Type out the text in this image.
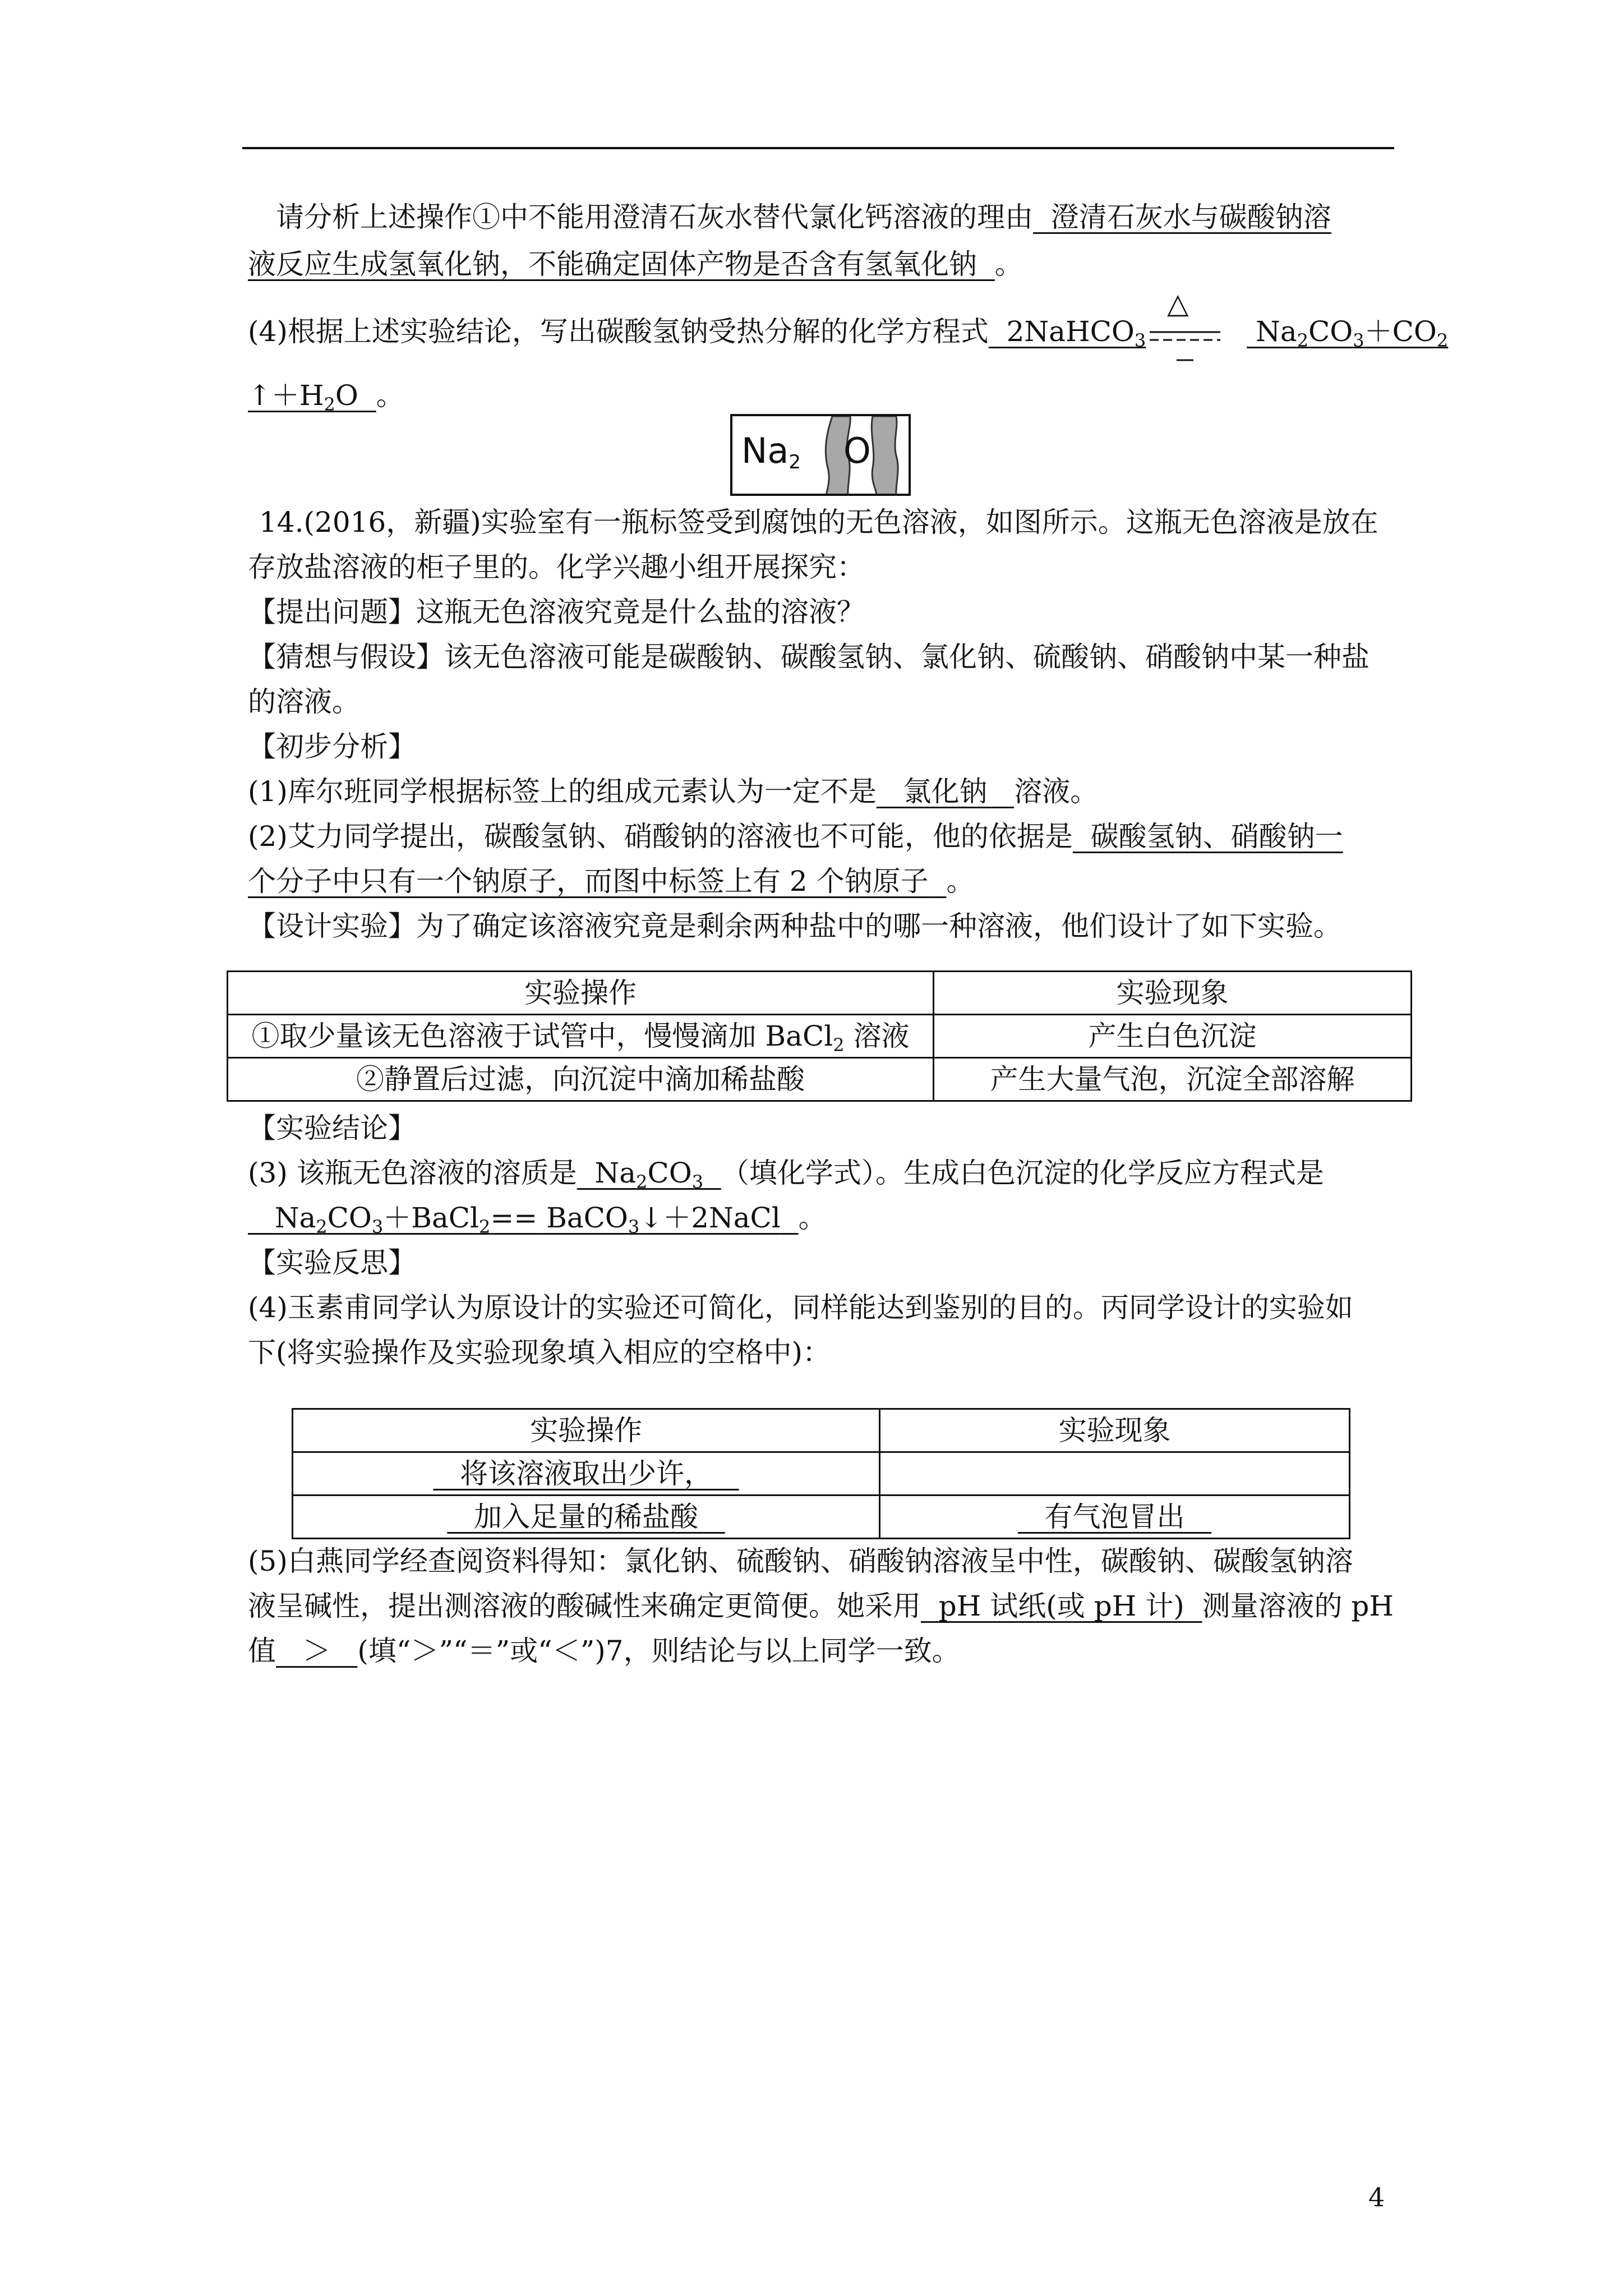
请分析上述操作①中不能用澄清石灰水替代氯化钙溶液的理由 澄清石灰水与碳酸钠溶
液反应生成氢氧化钠，不能确定固体产物是否含有氢氧化钠 。
(4)根据上述实验结论，写出碳酸氢钠受热分解的化学方程式 2NaHCO$_3$	$Na_2CO_3+CO_2$
△
$↑+H_2O$ 。
$Na_2$ O
14.(2016，新疆)实验室有一瓶标签受到腐蚀的无色溶液，如图所示。这瓶无色溶液是放在
存放盐溶液的柜子里的。化学兴趣小组开展探究：
【提出问题】这瓶无色溶液究竟是什么盐的溶液？
【猜想与假设】该无色溶液可能是碳酸钠、碳酸氢钠、氯化钠、硫酸钠、硝酸钠中某一种盐
的溶液。
【初步分析】
(1)库尔班同学根据标签上的组成元素认为一定不是 氯化钠 溶液。
(2)艾力同学提出，碳酸氢钠、硝酸钠的溶液也不可能，他的依据是 碳酸氢钠、硝酸钠一
个分子中只有一个钠原子，而图中标签上有 2 个钠原子 。
【设计实验】为了确定该溶液究竟是剩余两种盐中的哪一种溶液，他们设计了如下实验。
实验操作	实验现象
①取少量该无色溶液于试管中，慢慢滴加 BaCl$_2$ 溶液	产生白色沉淀
②静置后过滤，向沉淀中滴加稀盐酸	产生大量气泡，沉淀全部溶解
【实验结论】
(3) 该瓶无色溶液的溶质是 $Na_2CO_3$ （填化学式）。生成白色沉淀的化学反应方程式是
$Na_2CO_3+BaCl_2==$ BaCO$_3$↓＋2NaCl 。
【实验反思】
(4)玉素甫同学认为原设计的实验还可简化，同样能达到鉴别的目的。丙同学设计的实验如
下(将实验操作及实验现象填入相应的空格中)：
实验操作	实验现象
将该溶液取出少许，	
加入足量的稀盐酸	有气泡冒出
(5)白燕同学经查阅资料得知：氯化钠、硫酸钠、硝酸钠溶液呈中性，碳酸钠、碳酸氢钠溶
液呈碱性，提出测溶液的酸碱性来确定更简便。她采用 pH 试纸(或 pH 计) 测量溶液的 pH
值 ＞ (填“＞”“＝”或“＜”)7，则结论与以上同学一致。
4
